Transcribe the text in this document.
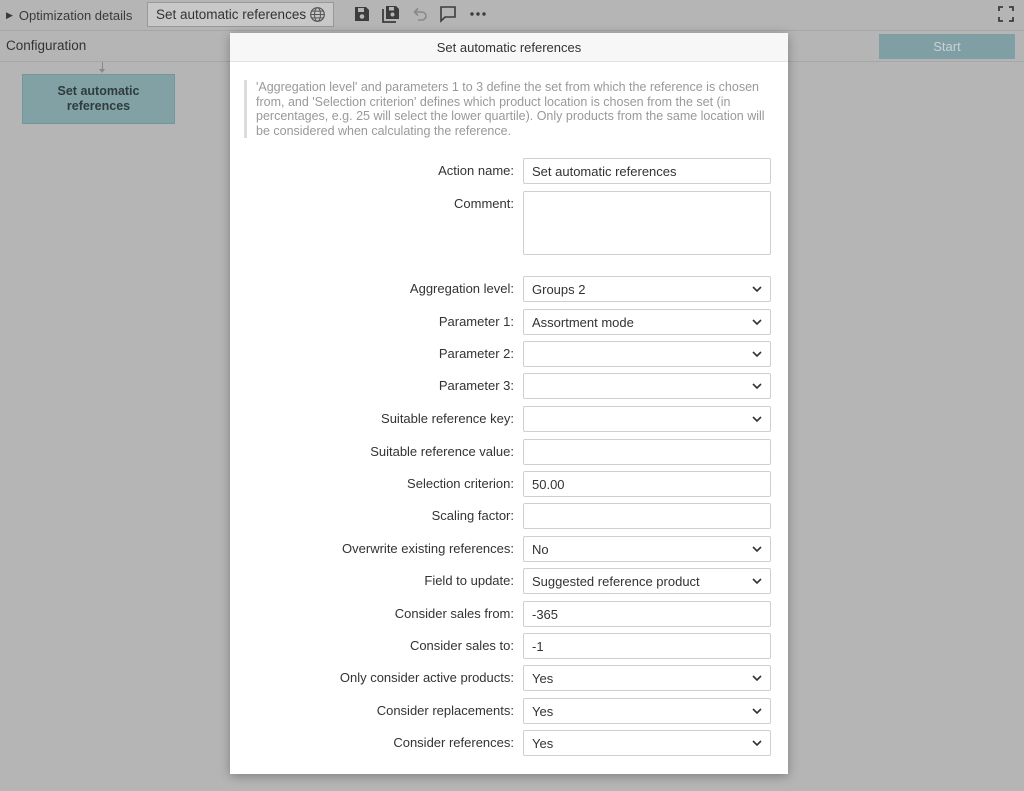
▶ Optimization details Set automatic references
Configuration	Start
Set automatic references
Set automatic references
'Aggregation level' and parameters 1 to 3 define the set from which the reference is chosen from, and 'Selection criterion' defines which product location is chosen from the set (in percentages, e.g. 25 will select the lower quartile). Only products from the same location will be considered when calculating the reference.
Action name:	Set automatic references
Comment:
Aggregation level: Groups 2
Parameter 1: Assortment mode
Parameter 2:
Parameter 3:
Suitable reference key:
Suitable reference value:
Selection criterion:	50.00
Scaling factor:
Overwrite existing references: No
Field to update: Suggested reference product
Consider sales from:	-365
Consider sales to:	-1
Only consider active products: Yes
Consider replacements: Yes
Consider references: Yes
